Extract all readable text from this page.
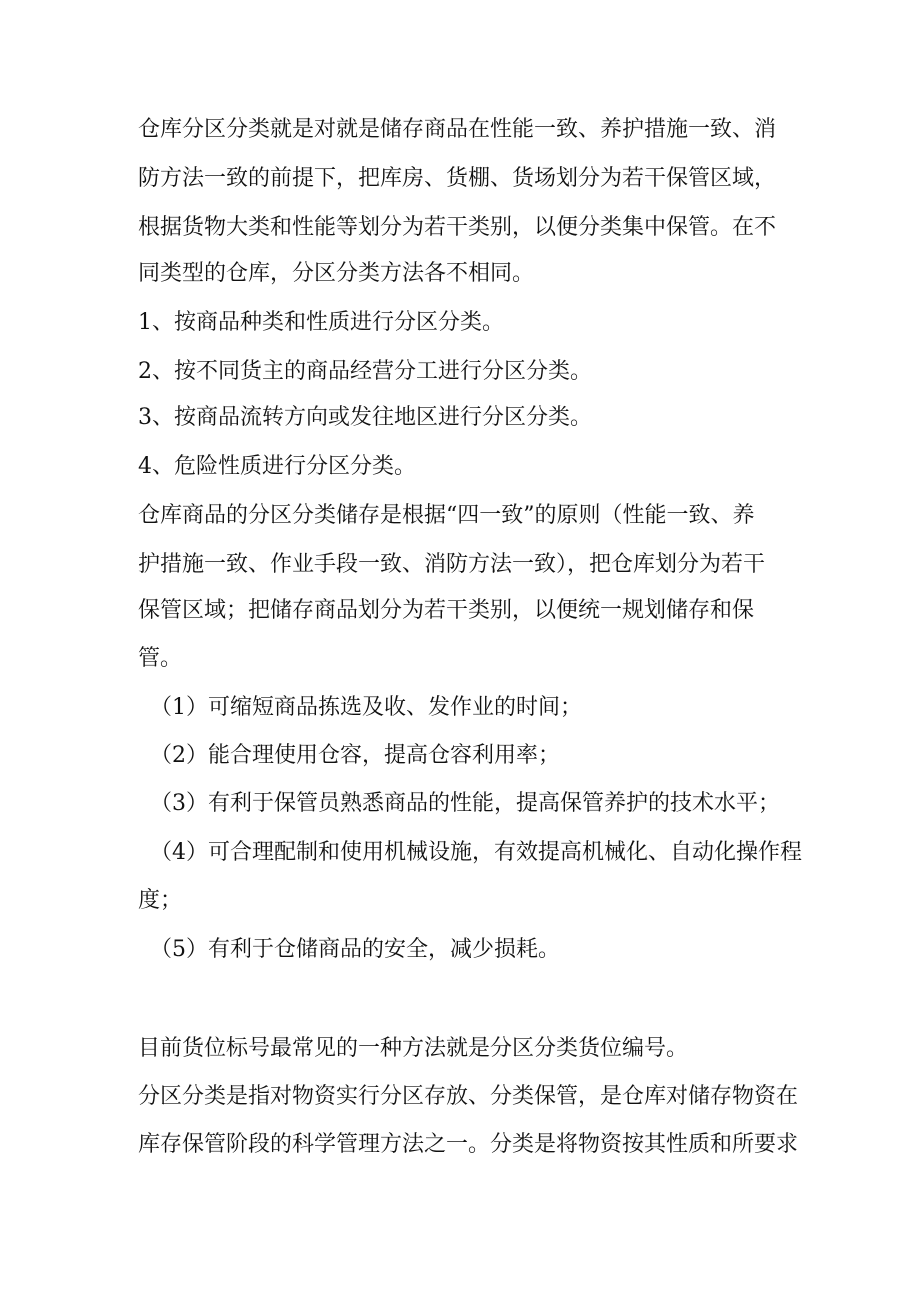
仓库分区分类就是对就是储存商品在性能一致、养护措施一致、消

防方法一致的前提下，把库房、货棚、货场划分为若干保管区域，

根据货物大类和性能等划分为若干类别，以便分类集中保管。在不

同类型的仓库，分区分类方法各不相同。

1、按商品种类和性质进行分区分类。

2、按不同货主的商品经营分工进行分区分类。

3、按商品流转方向或发往地区进行分区分类。

4、危险性质进行分区分类。

仓库商品的分区分类储存是根据“四一致”的原则（性能一致、养

护措施一致、作业手段一致、消防方法一致），把仓库划分为若干

保管区域；把储存商品划分为若干类别，以便统一规划储存和保

管。

（1）可缩短商品拣选及收、发作业的时间；

（2）能合理使用仓容，提高仓容利用率；

（3）有利于保管员熟悉商品的性能，提高保管养护的技术水平；

（4）可合理配制和使用机械设施，有效提高机械化、自动化操作程

度；

（5）有利于仓储商品的安全，减少损耗。

目前货位标号最常见的一种方法就是分区分类货位编号。

分区分类是指对物资实行分区存放、分类保管，是仓库对储存物资在

库存保管阶段的科学管理方法之一。分类是将物资按其性质和所要求
